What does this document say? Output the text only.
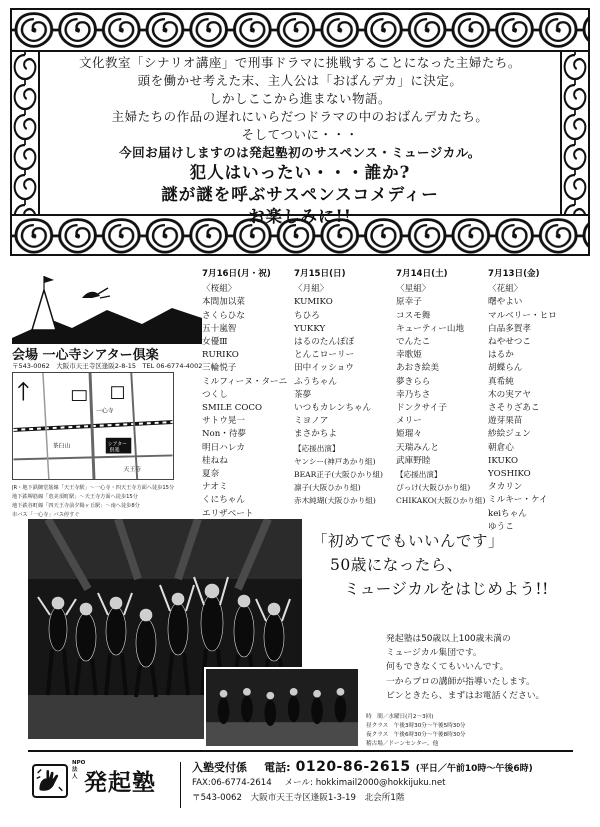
文化教室「シナリオ講座」で刑事ドラマに挑戦することになった主婦たち。
頭を働かせ考えた末、主人公は「おばんデカ」に決定。
しかしここから進まない物語。
主婦たちの作品の遅れにいらだつドラマの中のおばんデカたち。
そしてついに・・・
今回お届けしますのは発起塾初のサスペンス・ミュージカル。
犯人はいったい・・・誰か?
謎が謎を呼ぶサスペンスコメディー
お楽しみに!!
会場 一心寺シアター倶楽
〒543-0062　大阪市天王寺区逢阪2-8-15　TEL 06-6774-4002
一心寺
シアター
倶楽
天王寺
茶臼山
JR・地下鉄御堂筋線「天王寺駅」～一心寺・四天王寺方面へ徒歩15分
地下鉄堺筋線「恵美須町駅」～天王寺方面へ徒歩15分
地下鉄谷町線「四天王寺前夕陽ヶ丘駅」～南へ徒歩8分
市バス「一心寺」バス停すぐ
7月16日(月・祝)
〈桜組〉
本間加以菜
さくらひな
五十嵐智
女優Ⅲ
RURIKO
三輪悦子
ミルフィーヌ・ターニ
つくし
SMILE COCO
サトウ晃一
Non・待夢
明日ハレカ
桂ねね
夏奈
ナオミ
くにちゃん
エリザベート
7月15日(日)
〈月組〉
KUMIKO
ちひろ
YUKKY
はるのたんぽぽ
とんこローリー
田中イッショウ
ふうちゃん
茶夢
いつもカレンちゃん
ミヨノア
まさかちよ
【応援出演】
ヤンシー(神戸あかり組)
BEAR正子(大阪ひかり組)
凛子(大阪ひかり組)
赤木純瑚(大阪ひかり組)
7月14日(土)
〈星組〉
原幸子
コスモ舞
キューティー山地
でんたこ
幸歌姫
あおき絵美
夢きらら
幸乃ちさ
ドンクサイ子
メリー
姫瑠々
天瑞みんと
武庫野睦
【応援出演】
ぴっけ(大阪ひかり組)
CHIKAKO(大阪ひかり組)
7月13日(金)
〈花組〉
曙やよい
マルベリー・ヒロ
白品多賀孝
ねやせつこ
はるか
胡蝶らん
真希純
木の実アヤ
さそりざあこ
遊芽果苗
紗絵ジュン
朝倉心
IKUKO
YOSHIKO
タカリン
ミルキー・ケイ
keiちゃん
ゆうこ
「初めてでもいいんです」
50歳になったら、
ミュージカルをはじめよう!!
発起塾は50歳以上100歳未満の
ミュージカル集団です。
何もできなくてもいいんです。
一からプロの講師が指導いたします。
ピンときたら、まずはお電話ください。
時　間／水曜日(月2～3回)
昼クラス　午後3時30分～午後5時30分
夜クラス　午後6時30分～午後8時30分
稽古場／ドーンセンター、他
NPO法人 発起塾
入塾受付係 電話: 0120-86-2615 (平日／午前10時～午後6時)
FAX:06-6774-2614 メール: hokkimail2000@hokkijuku.net
〒543-0062　大阪市天王寺区逢阪1-3-19　北会所1階
